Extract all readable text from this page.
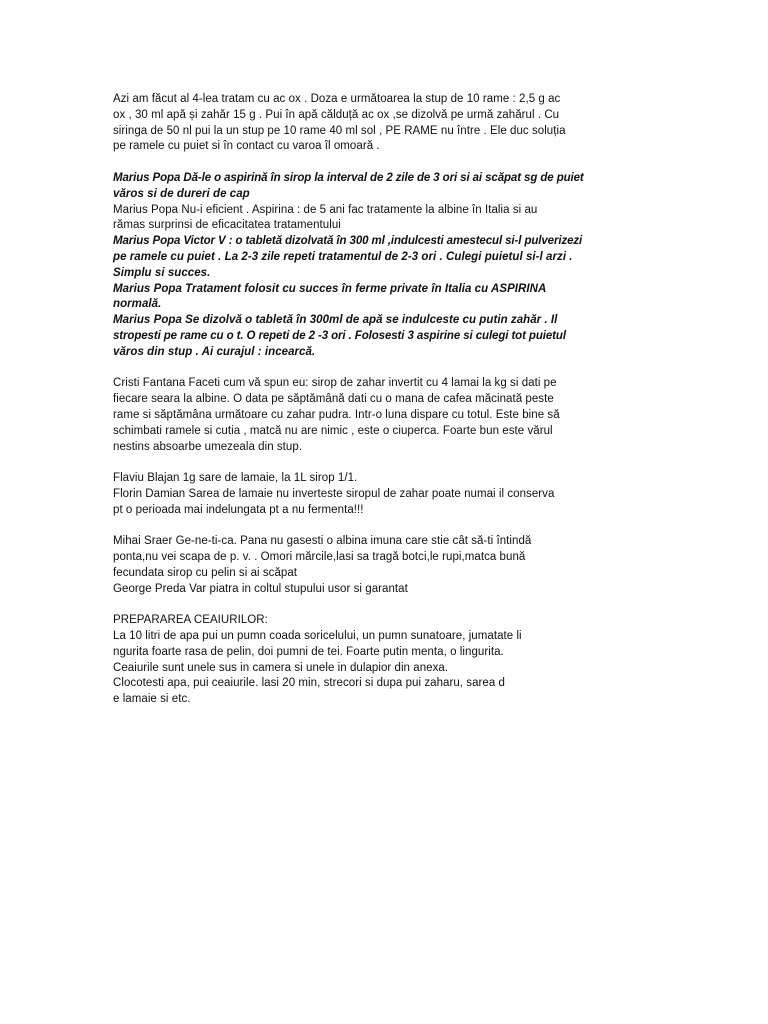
Azi am făcut al 4-lea tratam cu ac ox . Doza e următoarea la stup de 10 rame : 2,5 g ac
ox , 30 ml apă și zahăr 15 g . Pui în apă călduță ac ox ,se dizolvă pe urmă zahărul . Cu
siringa de 50 nl pui la un stup pe 10 rame 40 ml sol , PE RAME nu între . Ele duc soluția
pe ramele cu puiet si în contact cu varoa îl omoară .
Marius Popa Dă-le o aspirină în sirop la interval de 2 zile de 3 ori si ai scăpat sg de puiet
văros si de dureri de cap
Marius Popa Nu-i eficient . Aspirina : de 5 ani fac tratamente la albine în Italia si au
rămas surprinsi de eficacitatea tratamentului
Marius Popa Victor V : o tabletă dizolvată în 300 ml ,indulcesti amestecul si-l pulverizezi
pe ramele cu puiet . La 2-3 zile repeti tratamentul de 2-3 ori . Culegi puietul si-l arzi .
Simplu si succes.
Marius Popa Tratament folosit cu succes în ferme private în Italia cu ASPIRINA
normală.
Marius Popa Se dizolvă o tabletă în 300ml de apă se indulceste cu putin zahăr . Il
stropesti pe rame cu o t. O repeti de 2 -3 ori . Folosesti 3 aspirine si culegi tot puietul
văros din stup . Ai curajul : incearcă.
Cristi Fantana Faceti cum vă spun eu: sirop de zahar invertit cu 4 lamai la kg si dati pe
fiecare seara la albine. O data pe săptămână dati cu o mana de cafea măcinată peste
rame si săptămâna următoare cu zahar pudra. Intr-o luna dispare cu totul. Este bine să
schimbati ramele si cutia , matcă nu are nimic , este o ciuperca. Foarte bun este vărul
nestins absoarbe umezeala din stup.
Flaviu Blajan 1g sare de lamaie, la 1L sirop 1/1.
Florin Damian Sarea de lamaie nu inverteste siropul de zahar poate numai il conserva
pt o perioada mai indelungata pt a nu fermenta!!!
Mihai Sraer Ge-ne-ti-ca. Pana nu gasesti o albina imuna care stie cât să-ti întindă
ponta,nu vei scapa de p. v. . Omori mărcile,lasi sa tragă botci,le rupi,matca bună
fecundata sirop cu pelin si ai scăpat
George Preda Var piatra in coltul stupului usor si garantat
PREPARAREA CEAIURILOR:
La 10 litri de apa pui un pumn coada soricelului, un pumn sunatoare, jumatate li
ngurita foarte rasa de pelin, doi pumni de tei. Foarte putin menta, o lingurita.
Ceaiurile sunt unele sus in camera si unele in dulapior din anexa.
Clocotesti apa, pui ceaiurile. lasi 20 min, strecori si dupa pui zaharu, sarea d
e lamaie si etc.
